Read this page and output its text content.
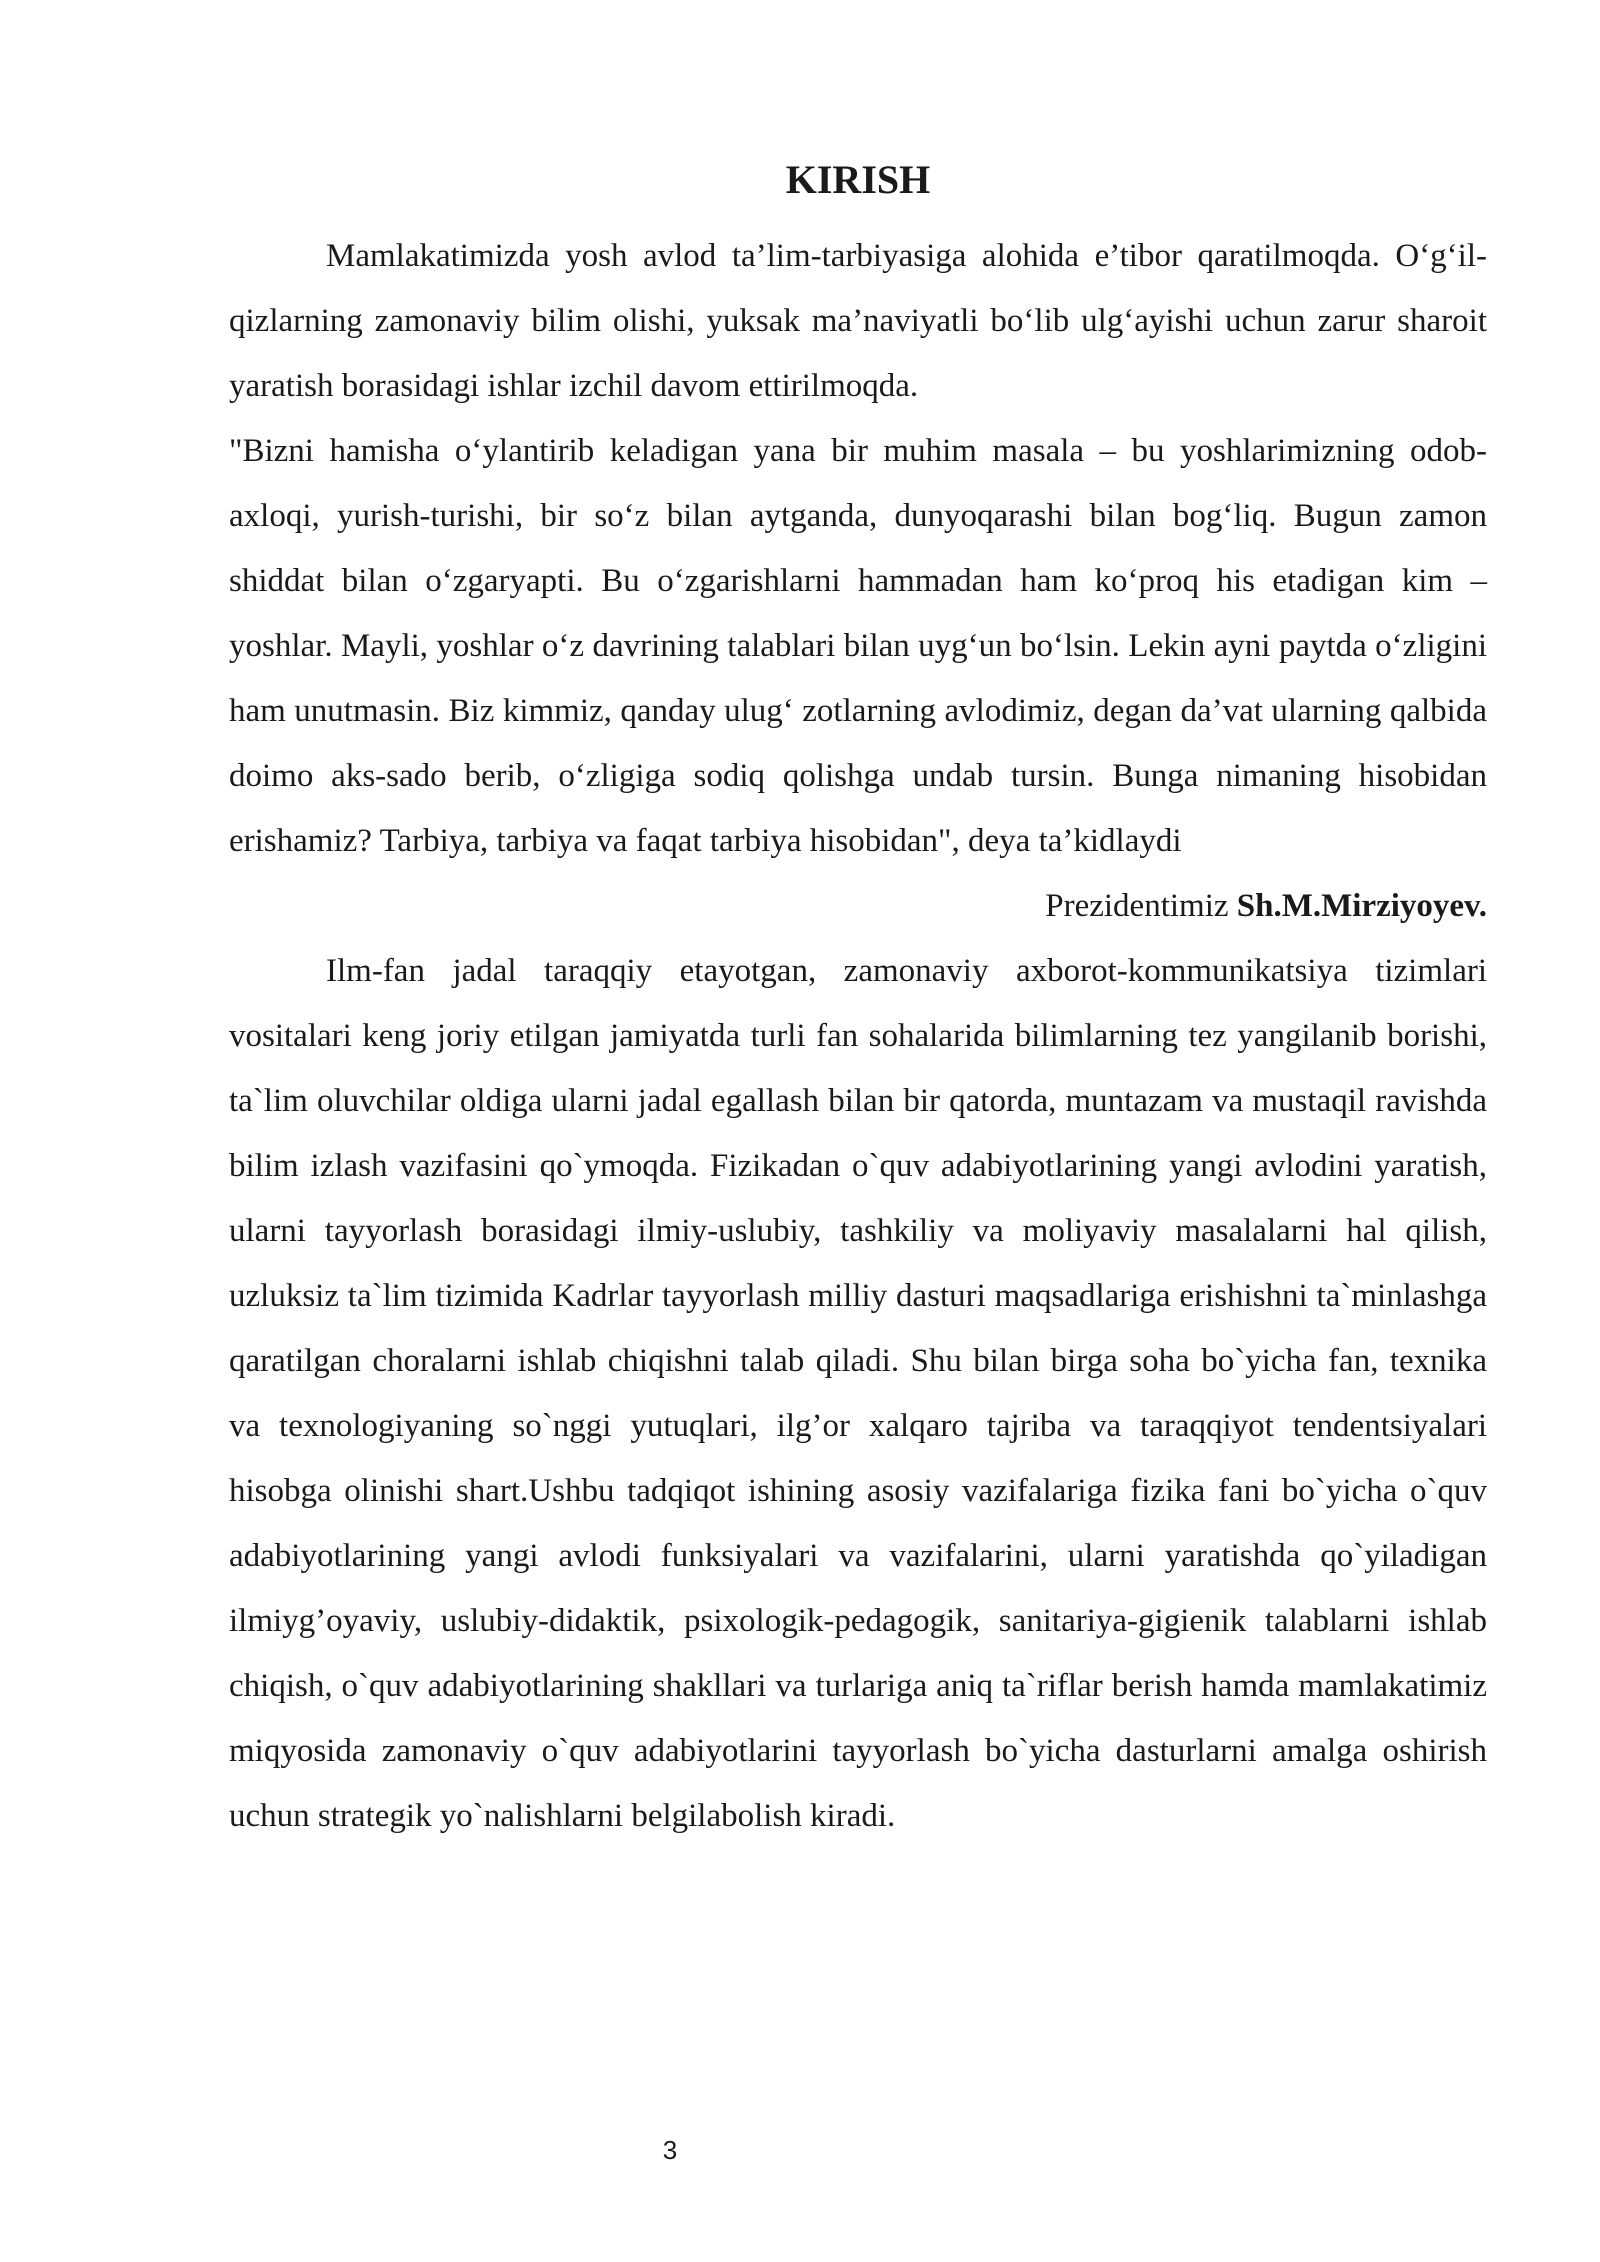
KIRISH

Mamlakatimizda yosh avlod ta’lim-tarbiyasiga alohida e’tibor qaratilmoqda. O‘g‘il-qizlarning zamonaviy bilim olishi, yuksak ma’naviyatli bo‘lib ulg‘ayishi uchun zarur sharoit yaratish borasidagi ishlar izchil davom ettirilmoqda.

"Bizni hamisha o‘ylantirib keladigan yana bir muhim masala – bu yoshlarimizning odob-axloqi, yurish-turishi, bir so‘z bilan aytganda, dunyoqarashi bilan bog‘liq. Bugun zamon shiddat bilan o‘zgaryapti. Bu o‘zgarishlarni hammadan ham ko‘proq his etadigan kim – yoshlar. Mayli, yoshlar o‘z davrining talablari bilan uyg‘un bo‘lsin. Lekin ayni paytda o‘zligini ham unutmasin. Biz kimmiz, qanday ulug‘ zotlarning avlodimiz, degan da’vat ularning qalbida doimo aks-sado berib, o‘zligiga sodiq qolishga undab tursin. Bunga nimaning hisobidan erishamiz? Tarbiya, tarbiya va faqat tarbiya hisobidan", deya ta’kidlaydi

Prezidentimiz Sh.M.Mirziyoyev.

Ilm-fan jadal taraqqiy etayotgan, zamonaviy axborot-kommunikatsiya tizimlari vositalari keng joriy etilgan jamiyatda turli fan sohalarida bilimlarning tez yangilanib borishi, ta`lim oluvchilar oldiga ularni jadal egallash bilan bir qatorda, muntazam va mustaqil ravishda bilim izlash vazifasini qo`ymoqda. Fizikadan o`quv adabiyotlarining yangi avlodini yaratish, ularni tayyorlash borasidagi ilmiy-uslubiy, tashkiliy va moliyaviy masalalarni hal qilish, uzluksiz ta`lim tizimida Kadrlar tayyorlash milliy dasturi maqsadlariga erishishni ta`minlashga qaratilgan choralarni ishlab chiqishni talab qiladi. Shu bilan birga soha bo`yicha fan, texnika va texnologiyaning so`nggi yutuqlari, ilg’or xalqaro tajriba va taraqqiyot tendentsiyalari hisobga olinishi shart.Ushbu tadqiqot ishining asosiy vazifalariga fizika fani bo`yicha o`quv adabiyotlarining yangi avlodi funksiyalari va vazifalarini, ularni yaratishda qo`yiladigan ilmiyg’oyaviy, uslubiy-didaktik, psixologik-pedagogik, sanitariya-gigienik talablarni ishlab chiqish, o`quv adabiyotlarining shakllari va turlariga aniq ta`riflar berish hamda mamlakatimiz miqyosida zamonaviy o`quv adabiyotlarini tayyorlash bo`yicha dasturlarni amalga oshirish uchun strategik yo`nalishlarni belgilabolish kiradi.

3
